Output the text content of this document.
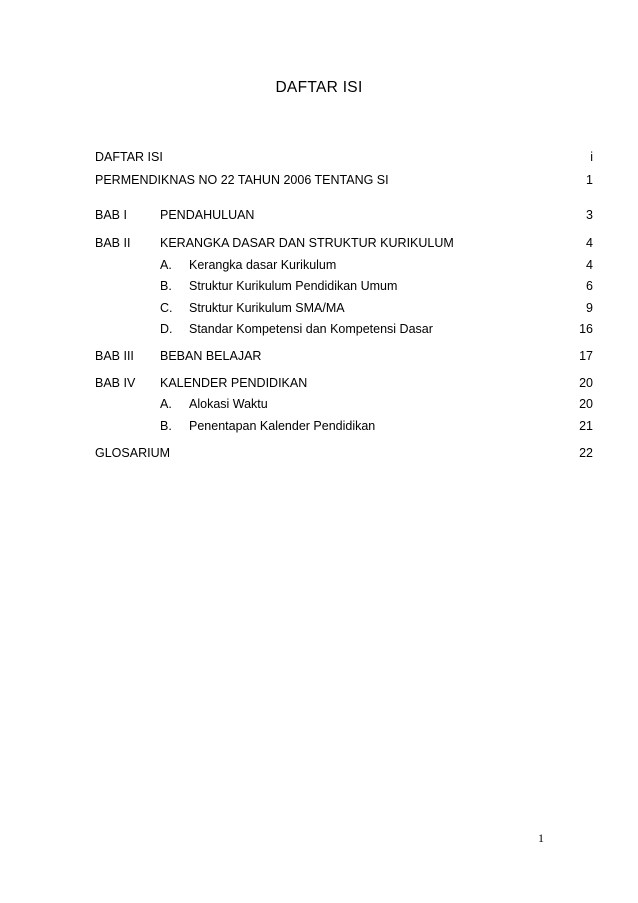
DAFTAR ISI
DAFTAR ISI	i
PERMENDIKNAS NO 22 TAHUN 2006 TENTANG SI	1
BAB I	PENDAHULUAN	3
BAB II KERANGKA DASAR DAN STRUKTUR KURIKULUM	4
A. Kerangka dasar Kurikulum	4
B. Struktur Kurikulum Pendidikan Umum	6
C. Struktur Kurikulum SMA/MA	9
D. Standar Kompetensi dan Kompetensi Dasar	16
BAB III BEBAN BELAJAR	17
BAB IV KALENDER PENDIDIKAN	20
A. Alokasi Waktu	20
B. Penentapan Kalender Pendidikan	21
GLOSARIUM	22
1
